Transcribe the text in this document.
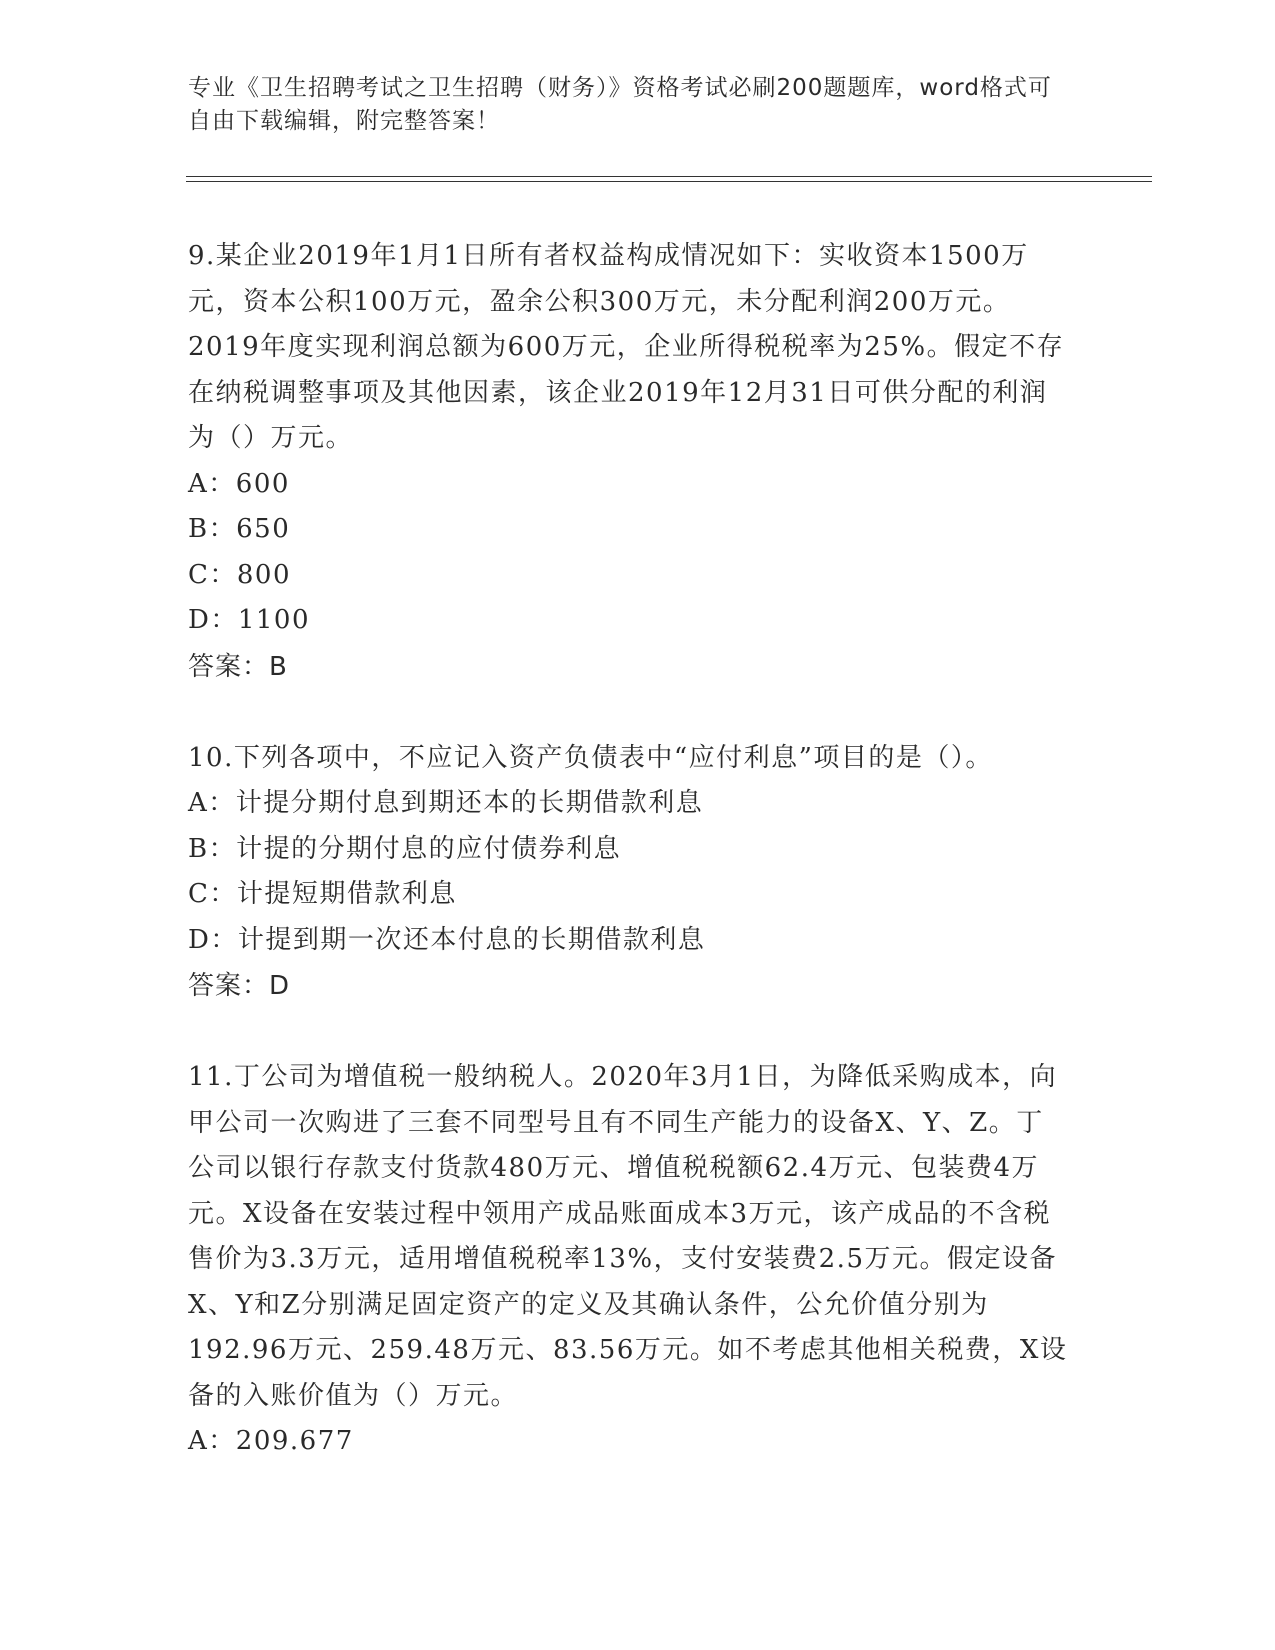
专业《卫生招聘考试之卫生招聘（财务）》资格考试必刷200题题库，word格式可自由下载编辑，附完整答案！

9.某企业2019年1月1日所有者权益构成情况如下：实收资本1500万元，资本公积100万元，盈余公积300万元，未分配利润200万元。2019年度实现利润总额为600万元，企业所得税税率为25%。假定不存在纳税调整事项及其他因素，该企业2019年12月31日可供分配的利润为（）万元。

A：600
B：650
C：800
D：1100

答案：B

10.下列各项中，不应记入资产负债表中“应付利息”项目的是（）。

A：计提分期付息到期还本的长期借款利息
B：计提的分期付息的应付债券利息
C：计提短期借款利息
D：计提到期一次还本付息的长期借款利息

答案：D

11.丁公司为增值税一般纳税人。2020年3月1日，为降低采购成本，向甲公司一次购进了三套不同型号且有不同生产能力的设备X、Y、Z。丁公司以银行存款支付货款480万元、增值税税额62.4万元、包装费4万元。X设备在安装过程中领用产成品账面成本3万元，该产成品的不含税售价为3.3万元，适用增值税税率13%，支付安装费2.5万元。假定设备X、Y和Z分别满足固定资产的定义及其确认条件，公允价值分别为192.96万元、259.48万元、83.56万元。如不考虑其他相关税费，X设备的入账价值为（）万元。

A：209.677
